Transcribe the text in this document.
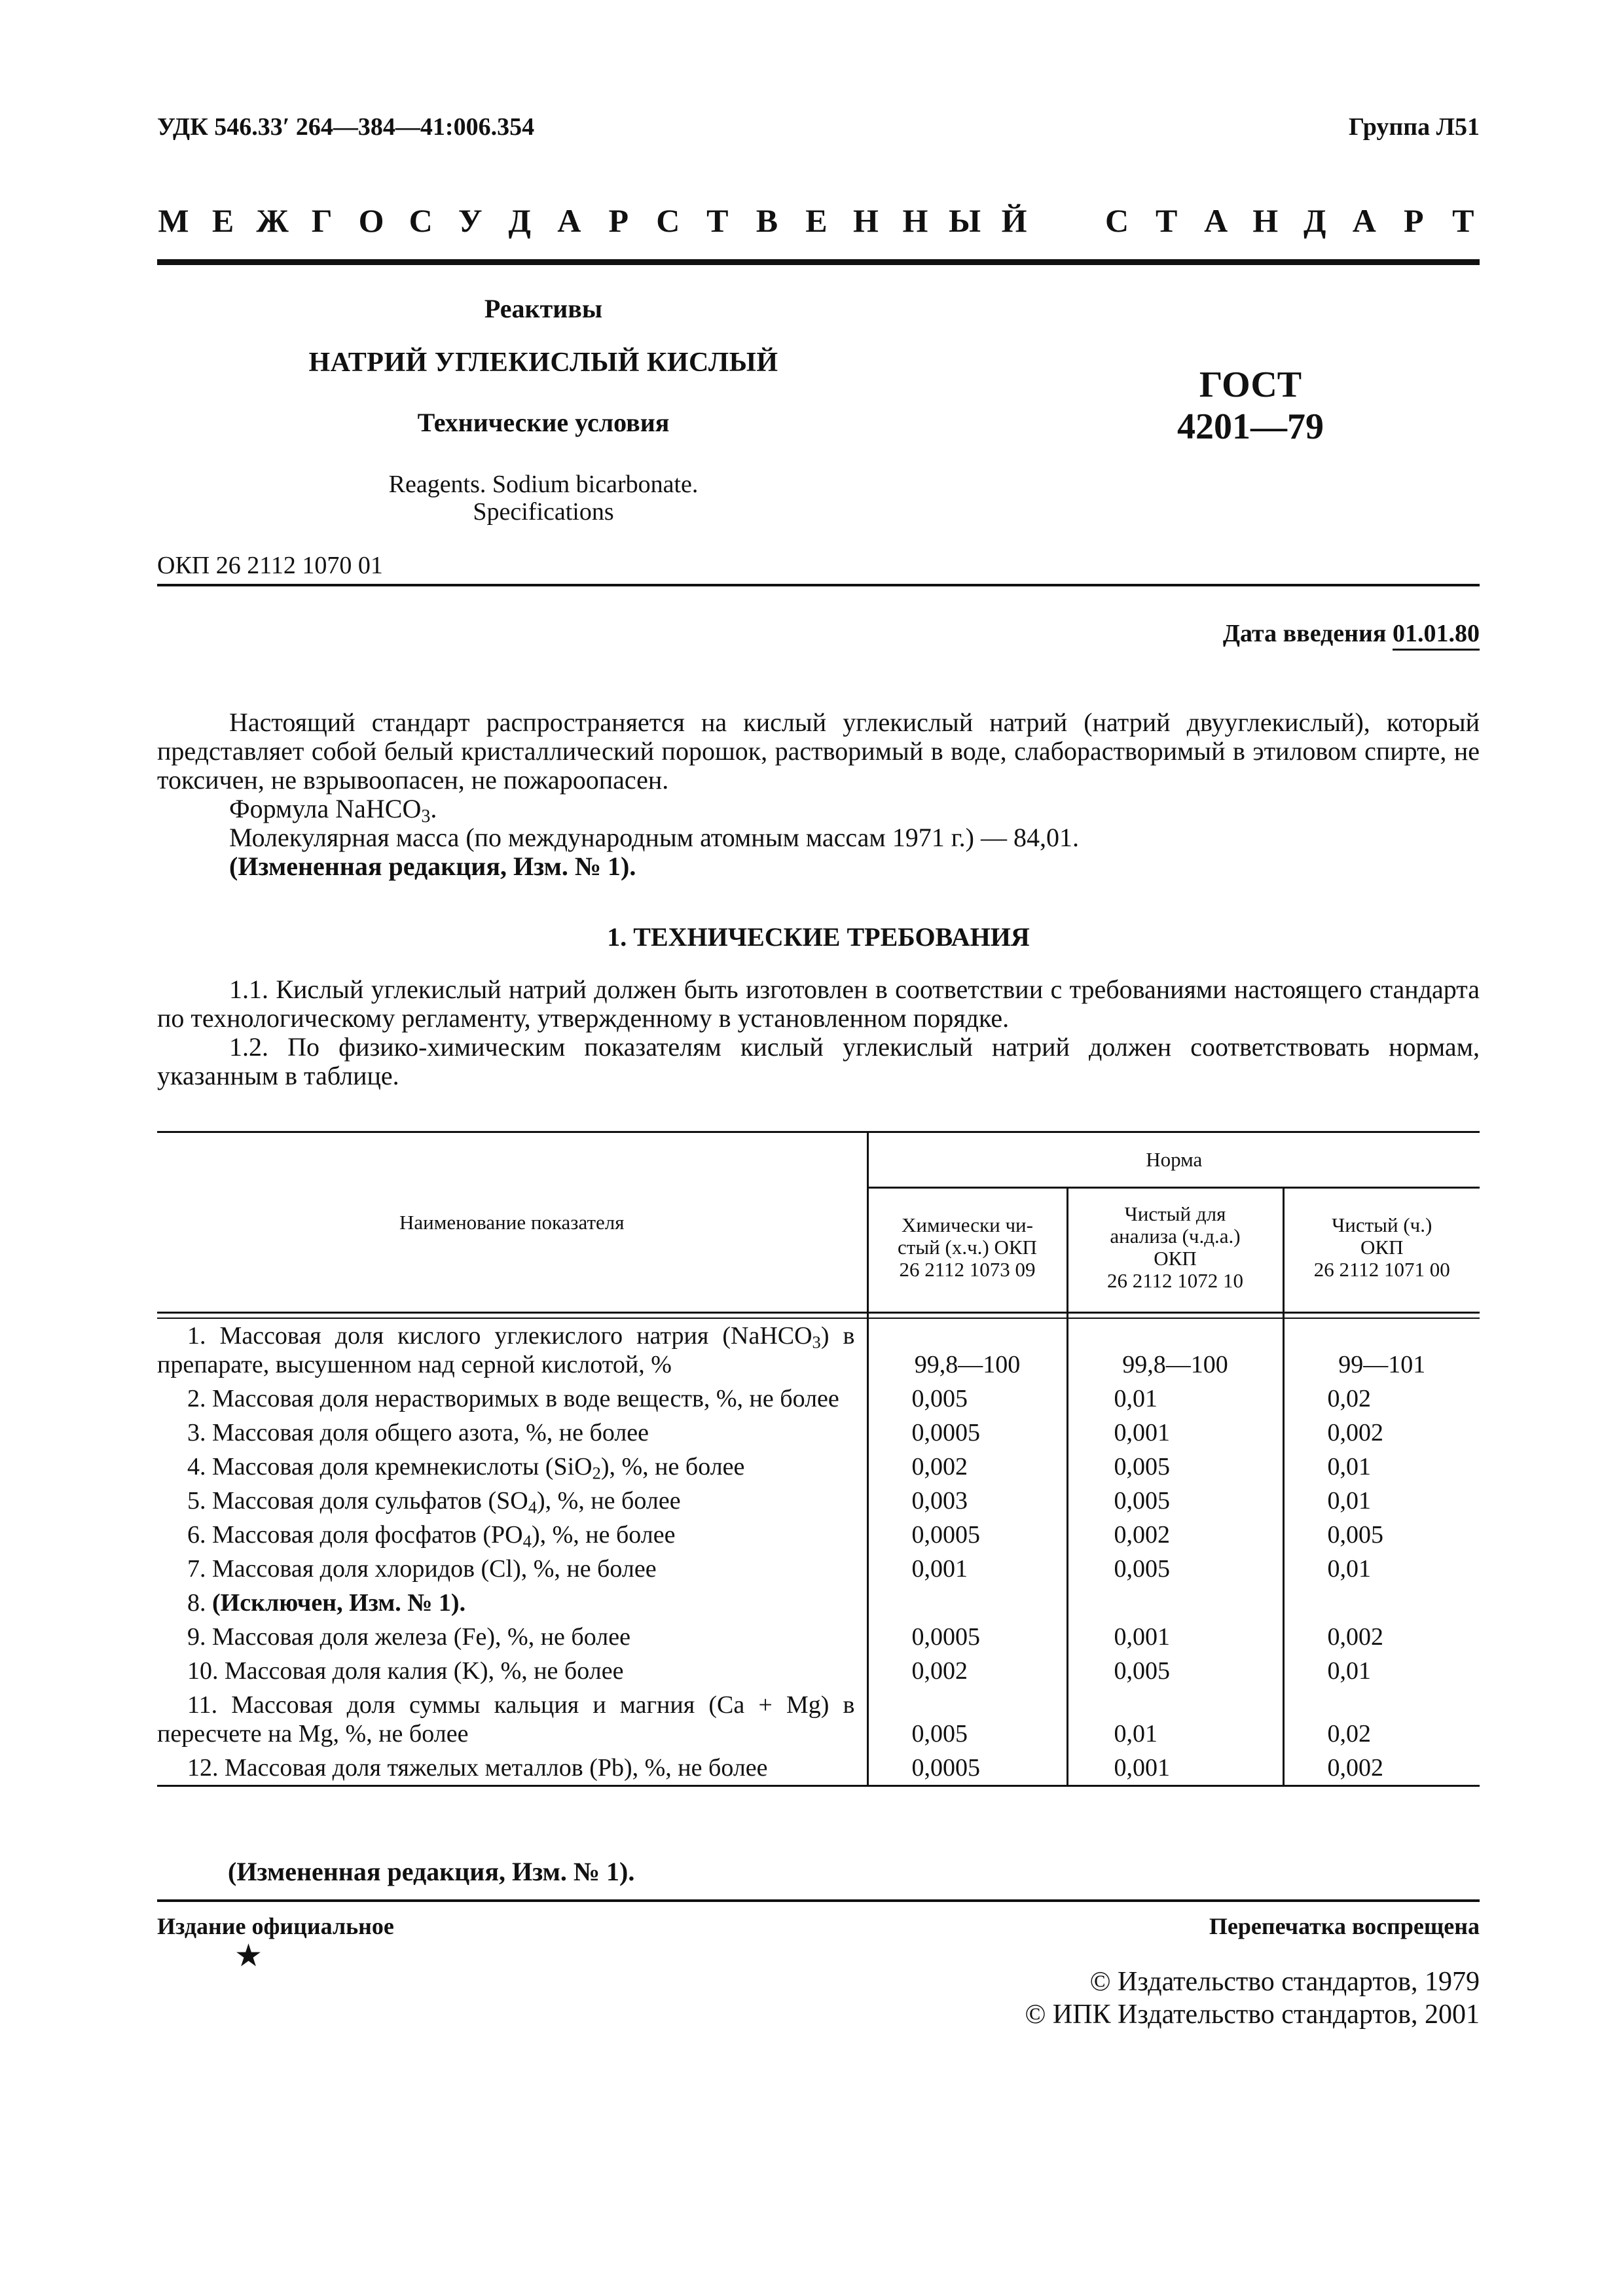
УДК 546.33′ 264—384—41:006.354	Группа Л51
М Е Ж Г О С У Д А Р С Т В Е Н Н Ы Й С Т А Н Д А Р Т
Реактивы
НАТРИЙ УГЛЕКИСЛЫЙ КИСЛЫЙ
Технические условия
Reagents. Sodium bicarbonate.
Specifications
ГОСТ
4201—79
ОКП 26 2112 1070 01
Дата введения 01.01.80

Настоящий стандарт распространяется на кислый углекислый натрий (натрий двууглекислый), который представляет собой белый кристаллический порошок, растворимый в воде, слаборастворимый в этиловом спирте, не токсичен, не взрывоопасен, не пожароопасен.

Формула NaHCO$_3$.

Молекулярная масса (по международным атомным массам 1971 г.) — 84,01.

(Измененная редакция, Изм. № 1).

1. ТЕХНИЧЕСКИЕ ТРЕБОВАНИЯ

1.1. Кислый углекислый натрий должен быть изготовлен в соответствии с требованиями настоящего стандарта по технологическому регламенту, утвержденному в установленном порядке.

1.2. По физико-химическим показателям кислый углекислый натрий должен соответствовать нормам, указанным в таблице.

Наименование показателя	Норма		
	Химически чи-
стый (х.ч.) ОКП
26 2112 1073 09	Чистый для
анализа (ч.д.а.)
ОКП
26 2112 1072 10	Чистый (ч.)
ОКП
26 2112 1071 00

1. Массовая доля кислого углекислого натрия (NaHCO$_3$) в препарате, высушенном над серной кислотой, %	99,8—100	99,8—100	99—101

2. Массовая доля нерастворимых в воде веществ, %, не более	0,005	0,01	0,02

3. Массовая доля общего азота, %, не более	0,0005	0,001	0,002

4. Массовая доля кремнекислоты (SiO$_2$), %, не более	0,002	0,005	0,01

5. Массовая доля сульфатов $(SO_4)$, %, не более	0,003	0,005	0,01

6. Массовая доля фосфатов $(PO_4)$, %, не более	0,0005	0,002	0,005

7. Массовая доля хлоридов (Cl), %, не более	0,001	0,005	0,01

8. (Исключен, Изм. № 1).			

9. Массовая доля железа (Fe), %, не более	0,0005	0,001	0,002

10. Массовая доля калия (K), %, не более	0,002	0,005	0,01

11. Массовая доля суммы кальция и магния (Ca + Mg) в пересчете на Mg, %, не более	0,005	0,01	0,02

12. Массовая доля тяжелых металлов (Pb), %, не более	0,0005	0,001	0,002
(Измененная редакция, Изм. № 1).
Издание официальное	Перепечатка воспрещена
★
© Издательство стандартов, 1979
© ИПК Издательство стандартов, 2001
